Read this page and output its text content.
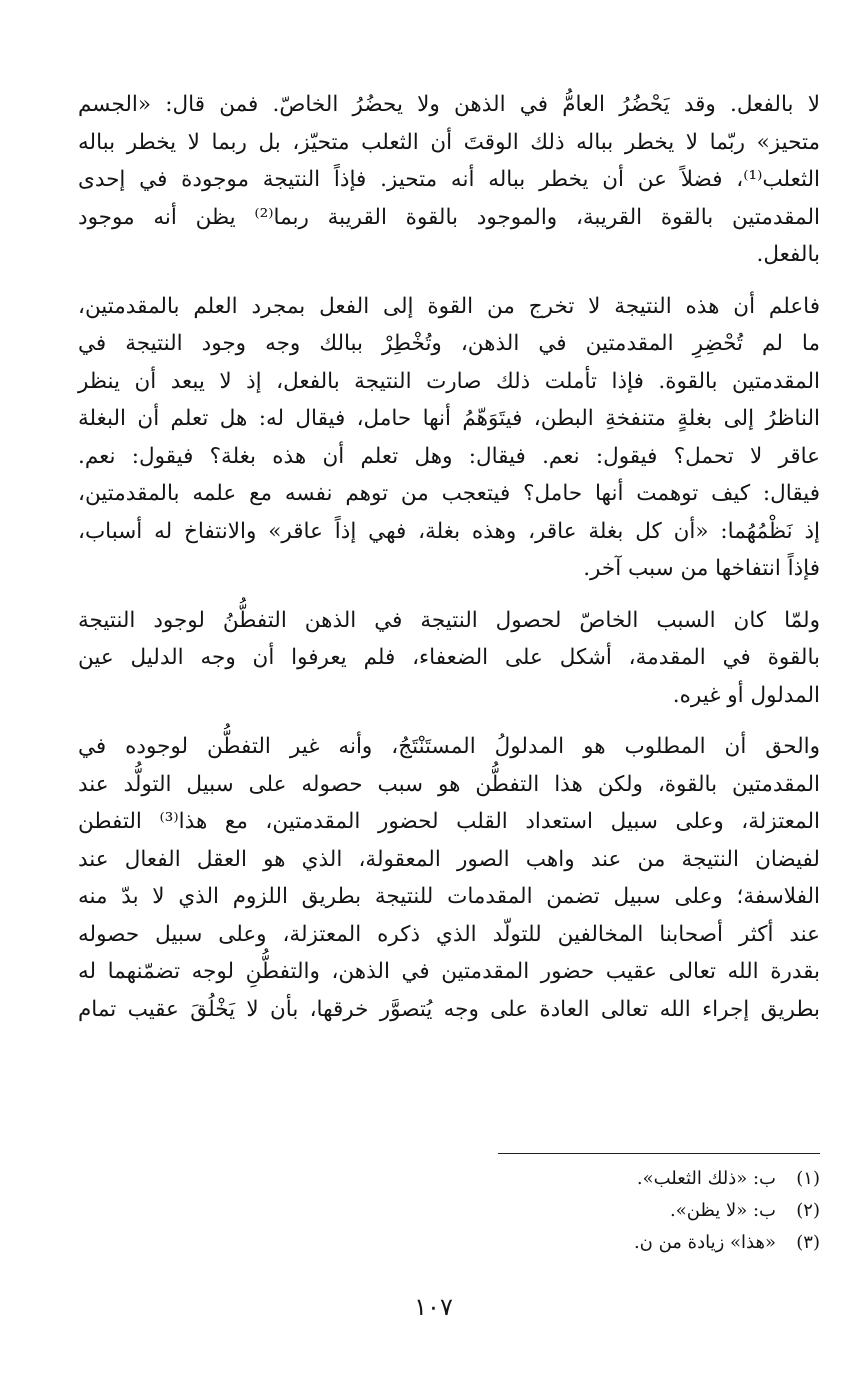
لا بالفعل. وقد يَحْضُرُ العامُّ في الذهن ولا يحضُرُ الخاصّ. فمن قال: «الجسم
متحيز» ربّما لا يخطر بباله ذلك الوقتَ أن الثعلب متحيّز، بل ربما لا يخطر بباله
الثعلب⁽¹⁾، فضلاً عن أن يخطر بباله أنه متحيز. فإذاً النتيجة موجودة في إحدى
المقدمتين بالقوة القريبة، والموجود بالقوة القريبة ربما⁽²⁾ يظن أنه موجود
بالفعل.

فاعلم أن هذه النتيجة لا تخرج من القوة إلى الفعل بمجرد العلم بالمقدمتين،
ما لم تُحْضِرِ المقدمتين في الذهن، وتُخْطِرْ ببالك وجه وجود النتيجة في
المقدمتين بالقوة. فإذا تأملت ذلك صارت النتيجة بالفعل، إذ لا يبعد أن ينظر
الناظرُ إلى بغلةٍ متنفخةِ البطن، فيتَوَهّمُ أنها حامل، فيقال له: هل تعلم أن البغلة
عاقر لا تحمل؟ فيقول: نعم. فيقال: وهل تعلم أن هذه بغلة؟ فيقول: نعم.
فيقال: كيف توهمت أنها حامل؟ فيتعجب من توهم نفسه مع علمه بالمقدمتين،
إذ نَظْمُهُما: «أن كل بغلة عاقر، وهذه بغلة، فهي إذاً عاقر» والانتفاخ له أسباب،
فإذاً انتفاخها من سبب آخر.

ولمّا كان السبب الخاصّ لحصول النتيجة في الذهن التفطُّنُ لوجود النتيجة
بالقوة في المقدمة، أشكل على الضعفاء، فلم يعرفوا أن وجه الدليل عين
المدلول أو غيره.

والحق أن المطلوب هو المدلولُ المستَنْتَجُ، وأنه غير التفطُّن لوجوده في
المقدمتين بالقوة، ولكن هذا التفطُّن هو سبب حصوله على سبيل التولُّد عند
المعتزلة، وعلى سبيل استعداد القلب لحضور المقدمتين، مع هذا⁽³⁾ التفطن
لفيضان النتيجة من عند واهب الصور المعقولة، الذي هو العقل الفعال عند
الفلاسفة؛ وعلى سبيل تضمن المقدمات للنتيجة بطريق اللزوم الذي لا بدّ منه
عند أكثر أصحابنا المخالفين للتولّد الذي ذكره المعتزلة، وعلى سبيل حصوله
بقدرة الله تعالى عقيب حضور المقدمتين في الذهن، والتفطُّنِ لوجه تضمّنهما له
بطريق إجراء الله تعالى العادة على وجه يُتصوَّر خرقها، بأن لا يَخْلُقَ عقيب تمام

(١)ب: «ذلك الثعلب».
(٢)ب: «لا يظن».
(٣)«هذا» زيادة من ن.
١٠٧
